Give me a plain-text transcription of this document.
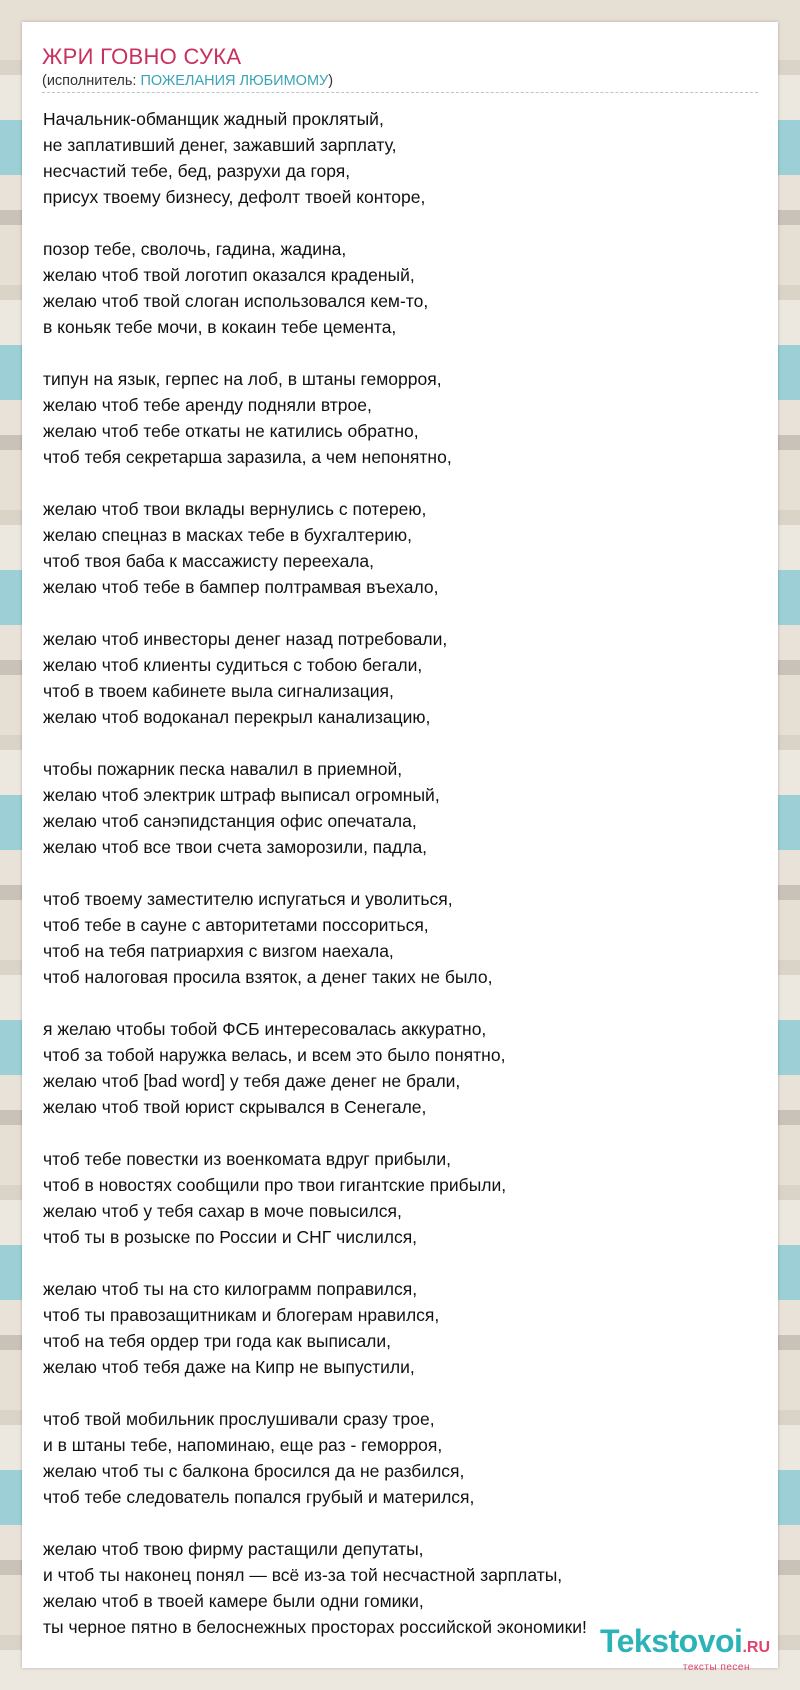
ЖРИ ГОВНО СУКА
(исполнитель: ПОЖЕЛАНИЯ ЛЮБИМОМУ)
Начальник-обманщик жадный проклятый,
не заплативший денег, зажавший зарплату,
несчастий тебе, бед, разрухи да горя,
присух твоему бизнесу, дефолт твоей конторе,
позор тебе, сволочь, гадина, жадина,
желаю чтоб твой логотип оказался краденый,
желаю чтоб твой слоган использовался кем-то,
в коньяк тебе мочи, в кокаин тебе цемента,
типун на язык, герпес на лоб, в штаны геморроя,
желаю чтоб тебе аренду подняли втрое,
желаю чтоб тебе откаты не катились обратно,
чтоб тебя секретарша заразила, а чем непонятно,
желаю чтоб твои вклады вернулись с потерею,
желаю спецназ в масках тебе в бухгалтерию,
чтоб твоя баба к массажисту переехала,
желаю чтоб тебе в бампер полтрамвая въехало,
желаю чтоб инвесторы денег назад потребовали,
желаю чтоб клиенты судиться с тобою бегали,
чтоб в твоем кабинете выла сигнализация,
желаю чтоб водоканал перекрыл канализацию,
чтобы пожарник песка навалил в приемной,
желаю чтоб электрик штраф выписал огромный,
желаю чтоб санэпидстанция офис опечатала,
желаю чтоб все твои счета заморозили, падла,
чтоб твоему заместителю испугаться и уволиться,
чтоб тебе в сауне с авторитетами поссориться,
чтоб на тебя патриархия с визгом наехала,
чтоб налоговая просила взяток, а денег таких не было,
я желаю чтобы тобой ФСБ интересовалась аккуратно,
чтоб за тобой наружка велась, и всем это было понятно,
желаю чтоб [bad word] у тебя даже денег не брали,
желаю чтоб твой юрист скрывался в Сенегале,
чтоб тебе повестки из военкомата вдруг прибыли,
чтоб в новостях сообщили про твои гигантские прибыли,
желаю чтоб у тебя сахар в моче повысился,
чтоб ты в розыске по России и СНГ числился,
желаю чтоб ты на сто килограмм поправился,
чтоб ты правозащитникам и блогерам нравился,
чтоб на тебя ордер три года как выписали,
желаю чтоб тебя даже на Кипр не выпустили,
чтоб твой мобильник прослушивали сразу трое,
и в штаны тебе, напоминаю, еще раз - геморроя,
желаю чтоб ты с балкона бросился да не разбился,
чтоб тебе следователь попался грубый и матерился,
желаю чтоб твою фирму растащили депутаты,
и чтоб ты наконец понял — всё из-за той несчастной зарплаты,
желаю чтоб в твоей камере были одни гомики,
ты черное пятно в белоснежных просторах российской экономики! Tekstovoi.RU
тексты песен
